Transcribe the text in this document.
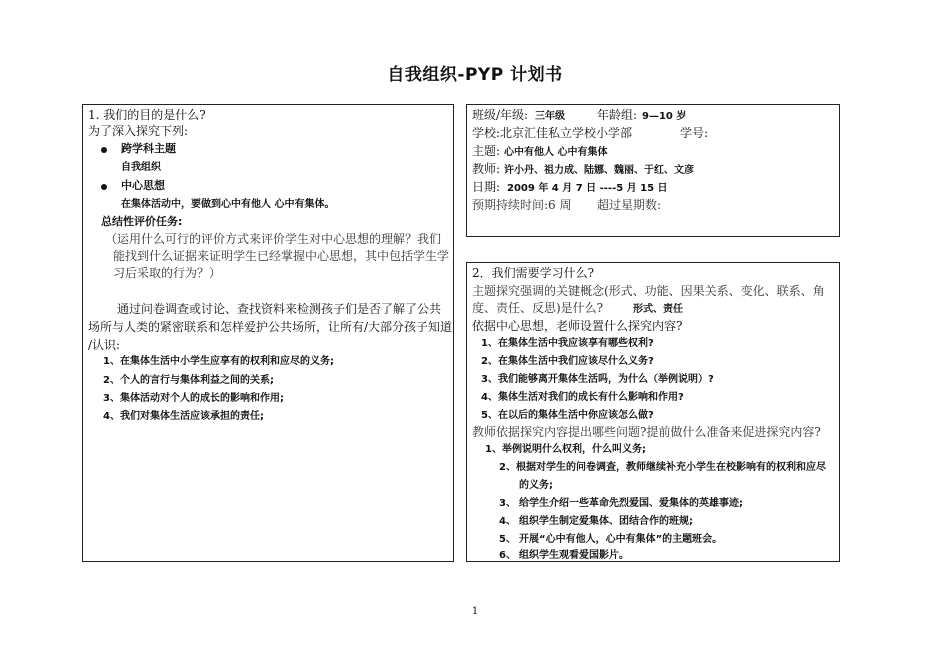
自我组织-PYP 计划书
1. 我们的目的是什么?
为了深入探究下列:
跨学科主题
自我组织
中心思想
在集体活动中，要做到心中有他人 心中有集体。
总结性评价任务:
（运用什么可行的评价方式来评价学生对中心思想的理解？我们
能找到什么证据来证明学生已经掌握中心思想，其中包括学生学
习后采取的行为？）
通过问卷调查或讨论、查找资料来检测孩子们是否了解了公共
场所与人类的紧密联系和怎样爱护公共场所，让所有/大部分孩子知道
/认识:
1、在集体生活中小学生应享有的权利和应尽的义务;
2、个人的言行与集体利益之间的关系;
3、集体活动对个人的成长的影响和作用;
4、我们对集体生活应该承担的责任;
班级/年级: 三年级	年龄组: 9—10 岁
学校:北京汇佳私立学校小学部	学号:
主题: 心中有他人 心中有集体
教师: 许小丹、祖力成、陆娜、魏丽、于红、文彦
日期: 2009 年 4 月 7 日 ----5 月 15 日
预期持续时间:6 周 超过星期数:
2．我们需要学习什么?
主题探究强调的关键概念(形式、功能、因果关系、变化、联系、角
度、责任、反思)是什么?	形式、责任
依据中心思想，老师设置什么探究内容?
1、在集体生活中我应该享有哪些权利?
2、在集体生活中我们应该尽什么义务?
3、我们能够离开集体生活吗，为什么（举例说明）?
4、集体生活对我们的成长有什么影响和作用?
5、在以后的集体生活中你应该怎么做?
教师依据探究内容提出哪些问题?提前做什么准备来促进探究内容?
1、举例说明什么权利，什么叫义务;
2、根据对学生的问卷调查，教师继续补充小学生在校影响有的权利和应尽
的义务;
3、 给学生介绍一些革命先烈爱国、爱集体的英雄事迹;
4、 组织学生制定爱集体、团结合作的班规;
5、 开展“心中有他人，心中有集体”的主题班会。
6、 组织学生观看爱国影片。
1
